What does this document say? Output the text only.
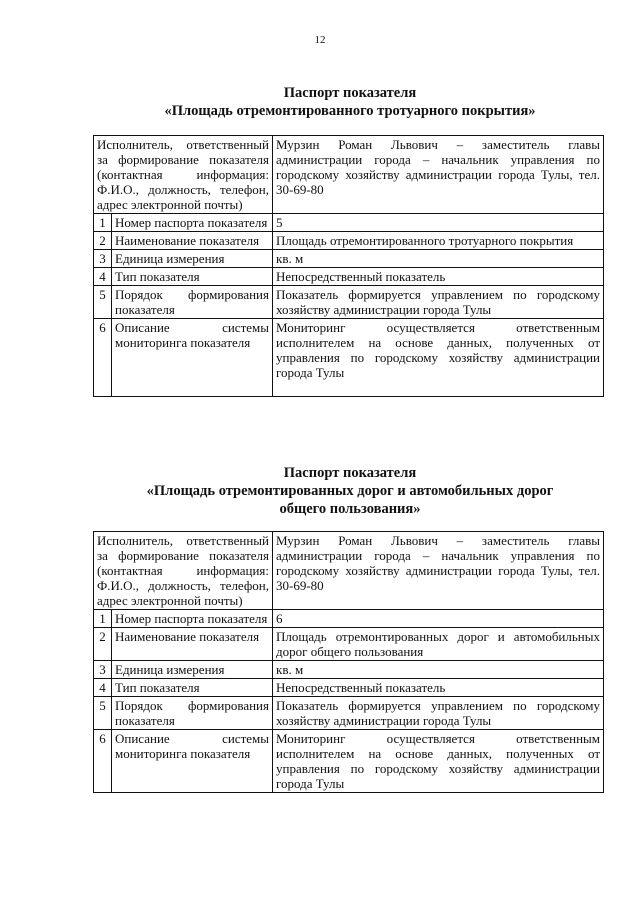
12
Паспорт показателя
«Площадь отремонтированного тротуарного покрытия»
Исполнитель, ответственный за формирование показателя (контактная информация: Ф.И.О., должность, телефон, адрес электронной почты)		Мурзин Роман Львович – заместитель главы администрации города – начальник управления по городскому хозяйству администрации города Тулы, тел. 30-69-80
1	Номер паспорта показателя	5
2	Наименование показателя	Площадь отремонтированного тротуарного покрытия
3	Единица измерения	кв. м
4	Тип показателя	Непосредственный показатель
5	Порядок формирования показателя	Показатель формируется управлением по городскому хозяйству администрации города Тулы
6	Описание системы мониторинга показателя	Мониторинг осуществляется ответственным исполнителем на основе данных, полученных от управления по городскому хозяйству администрации города Тулы
Паспорт показателя
«Площадь отремонтированных дорог и автомобильных дорог
общего пользования»
Исполнитель, ответственный за формирование показателя (контактная информация: Ф.И.О., должность, телефон, адрес электронной почты)		Мурзин Роман Львович – заместитель главы администрации города – начальник управления по городскому хозяйству администрации города Тулы, тел. 30-69-80
1	Номер паспорта показателя	6
2	Наименование показателя	Площадь отремонтированных дорог и автомобильных дорог общего пользования
3	Единица измерения	кв. м
4	Тип показателя	Непосредственный показатель
5	Порядок формирования показателя	Показатель формируется управлением по городскому хозяйству администрации города Тулы
6	Описание системы мониторинга показателя	Мониторинг осуществляется ответственным исполнителем на основе данных, полученных от управления по городскому хозяйству администрации города Тулы
